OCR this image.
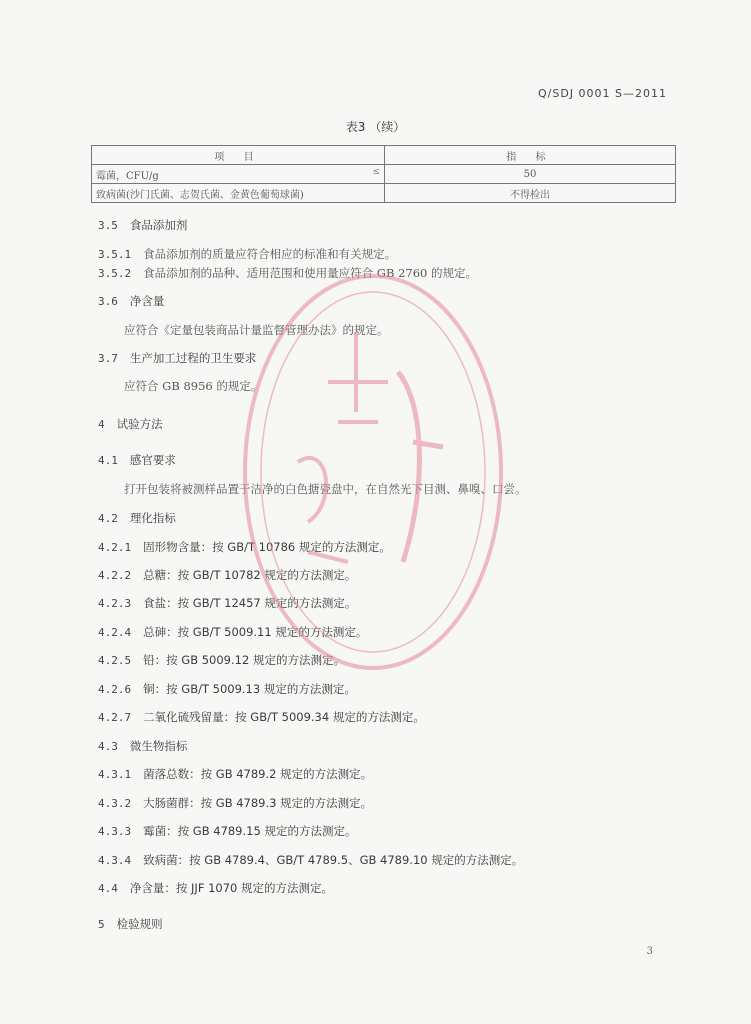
Q/SDJ 0001 S—2011
表3 （续）
项 目	指 标
霉菌，CFU/g ≤	50
致病菌(沙门氏菌、志贺氏菌、金黄色葡萄球菌)	不得检出
3.5 食品添加剂
3.5.1 食品添加剂的质量应符合相应的标准和有关规定。
3.5.2 食品添加剂的品种、适用范围和使用量应符合 GB 2760 的规定。
3.6 净含量
应符合《定量包装商品计量监督管理办法》的规定。
3.7 生产加工过程的卫生要求
应符合 GB 8956 的规定。
4 试验方法
4.1 感官要求
打开包装将被测样品置于洁净的白色搪瓷盘中，在自然光下目测、鼻嗅、口尝。
4.2 理化指标
4.2.1 固形物含量：按 GB/T 10786 规定的方法测定。
4.2.2 总糖：按 GB/T 10782 规定的方法测定。
4.2.3 食盐：按 GB/T 12457 规定的方法测定。
4.2.4 总砷：按 GB/T 5009.11 规定的方法测定。
4.2.5 铅：按 GB 5009.12 规定的方法测定。
4.2.6 铜：按 GB/T 5009.13 规定的方法测定。
4.2.7 二氧化硫残留量：按 GB/T 5009.34 规定的方法测定。
4.3 微生物指标
4.3.1 菌落总数：按 GB 4789.2 规定的方法测定。
4.3.2 大肠菌群：按 GB 4789.3 规定的方法测定。
4.3.3 霉菌：按 GB 4789.15 规定的方法测定。
4.3.4 致病菌：按 GB 4789.4、GB/T 4789.5、GB 4789.10 规定的方法测定。
4.4 净含量：按 JJF 1070 规定的方法测定。
5 检验规则
3
